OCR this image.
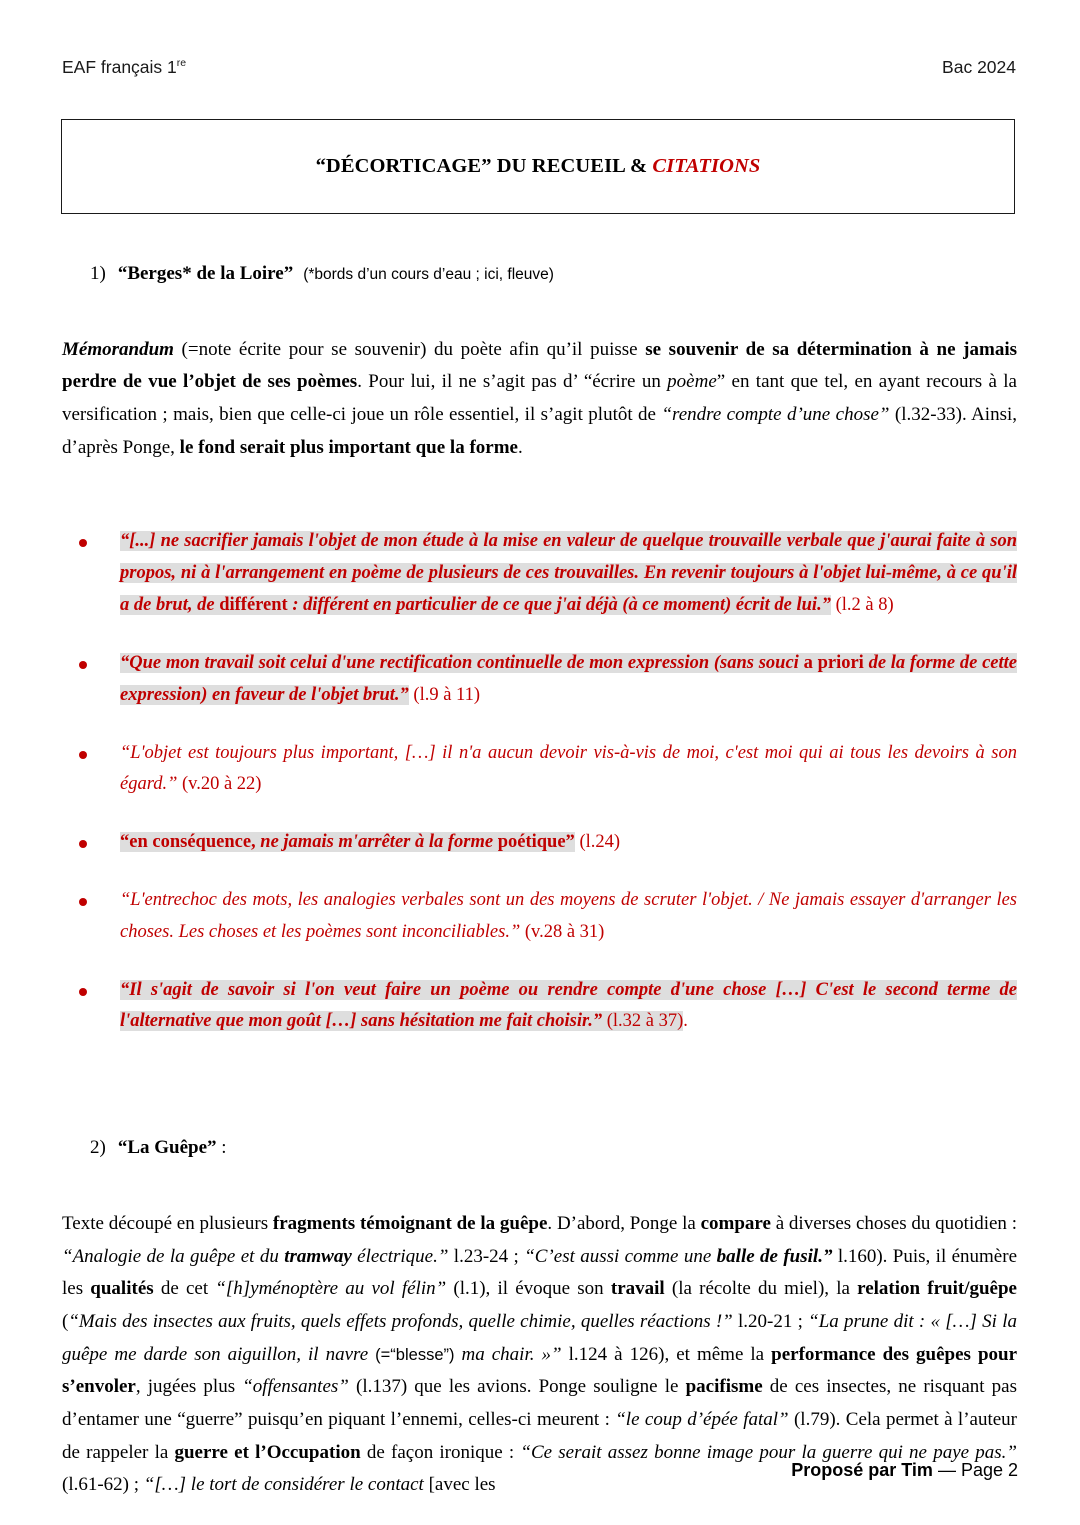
EAF français 1re	Bac 2024
“DÉCORTICAGE” DU RECUEIL & CITATIONS
1) “Berges* de la Loire” (*bords d’un cours d’eau ; ici, fleuve)

Mémorandum (=note écrite pour se souvenir) du poète afin qu’il puisse se souvenir de sa détermination à ne jamais perdre de vue l’objet de ses poèmes. Pour lui, il ne s’agit pas d’ “écrire un poème” en tant que tel, en ayant recours à la versification ; mais, bien que celle-ci joue un rôle essentiel, il s’agit plutôt de “rendre compte d’une chose” (l.32-33). Ainsi, d’après Ponge, le fond serait plus important que la forme.

“[...] ne sacrifier jamais l'objet de mon étude à la mise en valeur de quelque trouvaille verbale que j'aurai faite à son propos, ni à l'arrangement en poème de plusieurs de ces trouvailles. En revenir toujours à l'objet lui-même, à ce qu'il a de brut, de différent : différent en particulier de ce que j'ai déjà (à ce moment) écrit de lui.” (l.2 à 8)
“Que mon travail soit celui d'une rectification continuelle de mon expression (sans souci a priori de la forme de cette expression) en faveur de l'objet brut.” (l.9 à 11)
“L'objet est toujours plus important, […] il n'a aucun devoir vis-à-vis de moi, c'est moi qui ai tous les devoirs à son égard.” (v.20 à 22)
“en conséquence, ne jamais m'arrêter à la forme poétique” (l.24)
“L'entrechoc des mots, les analogies verbales sont un des moyens de scruter l'objet. / Ne jamais essayer d'arranger les choses. Les choses et les poèmes sont inconciliables.” (v.28 à 31)
“Il s'agit de savoir si l'on veut faire un poème ou rendre compte d'une chose […] C'est le second terme de l'alternative que mon goût […] sans hésitation me fait choisir.” (l.32 à 37).
2) “La Guêpe” :

Texte découpé en plusieurs fragments témoignant de la guêpe. D’abord, Ponge la compare à diverses choses du quotidien : “Analogie de la guêpe et du tramway électrique.” l.23-24 ; “C’est aussi comme une balle de fusil.” l.160). Puis, il énumère les qualités de cet “[h]yménoptère au vol félin” (l.1), il évoque son travail (la récolte du miel), la relation fruit/guêpe (“Mais des insectes aux fruits, quels effets profonds, quelle chimie, quelles réactions !” l.20-21 ; “La prune dit : « […] Si la guêpe me darde son aiguillon, il navre (=“blesse”) ma chair. »” l.124 à 126), et même la performance des guêpes pour s’envoler, jugées plus “offensantes” (l.137) que les avions. Ponge souligne le pacifisme de ces insectes, ne risquant pas d’entamer une “guerre” puisqu’en piquant l’ennemi, celles-ci meurent : “le coup d’épée fatal” (l.79). Cela permet à l’auteur de rappeler la guerre et l’Occupation de façon ironique : “Ce serait assez bonne image pour la guerre qui ne paye pas.” (l.61-62) ; “[…] le tort de considérer le contact [avec les

Proposé par Tim — Page 2
